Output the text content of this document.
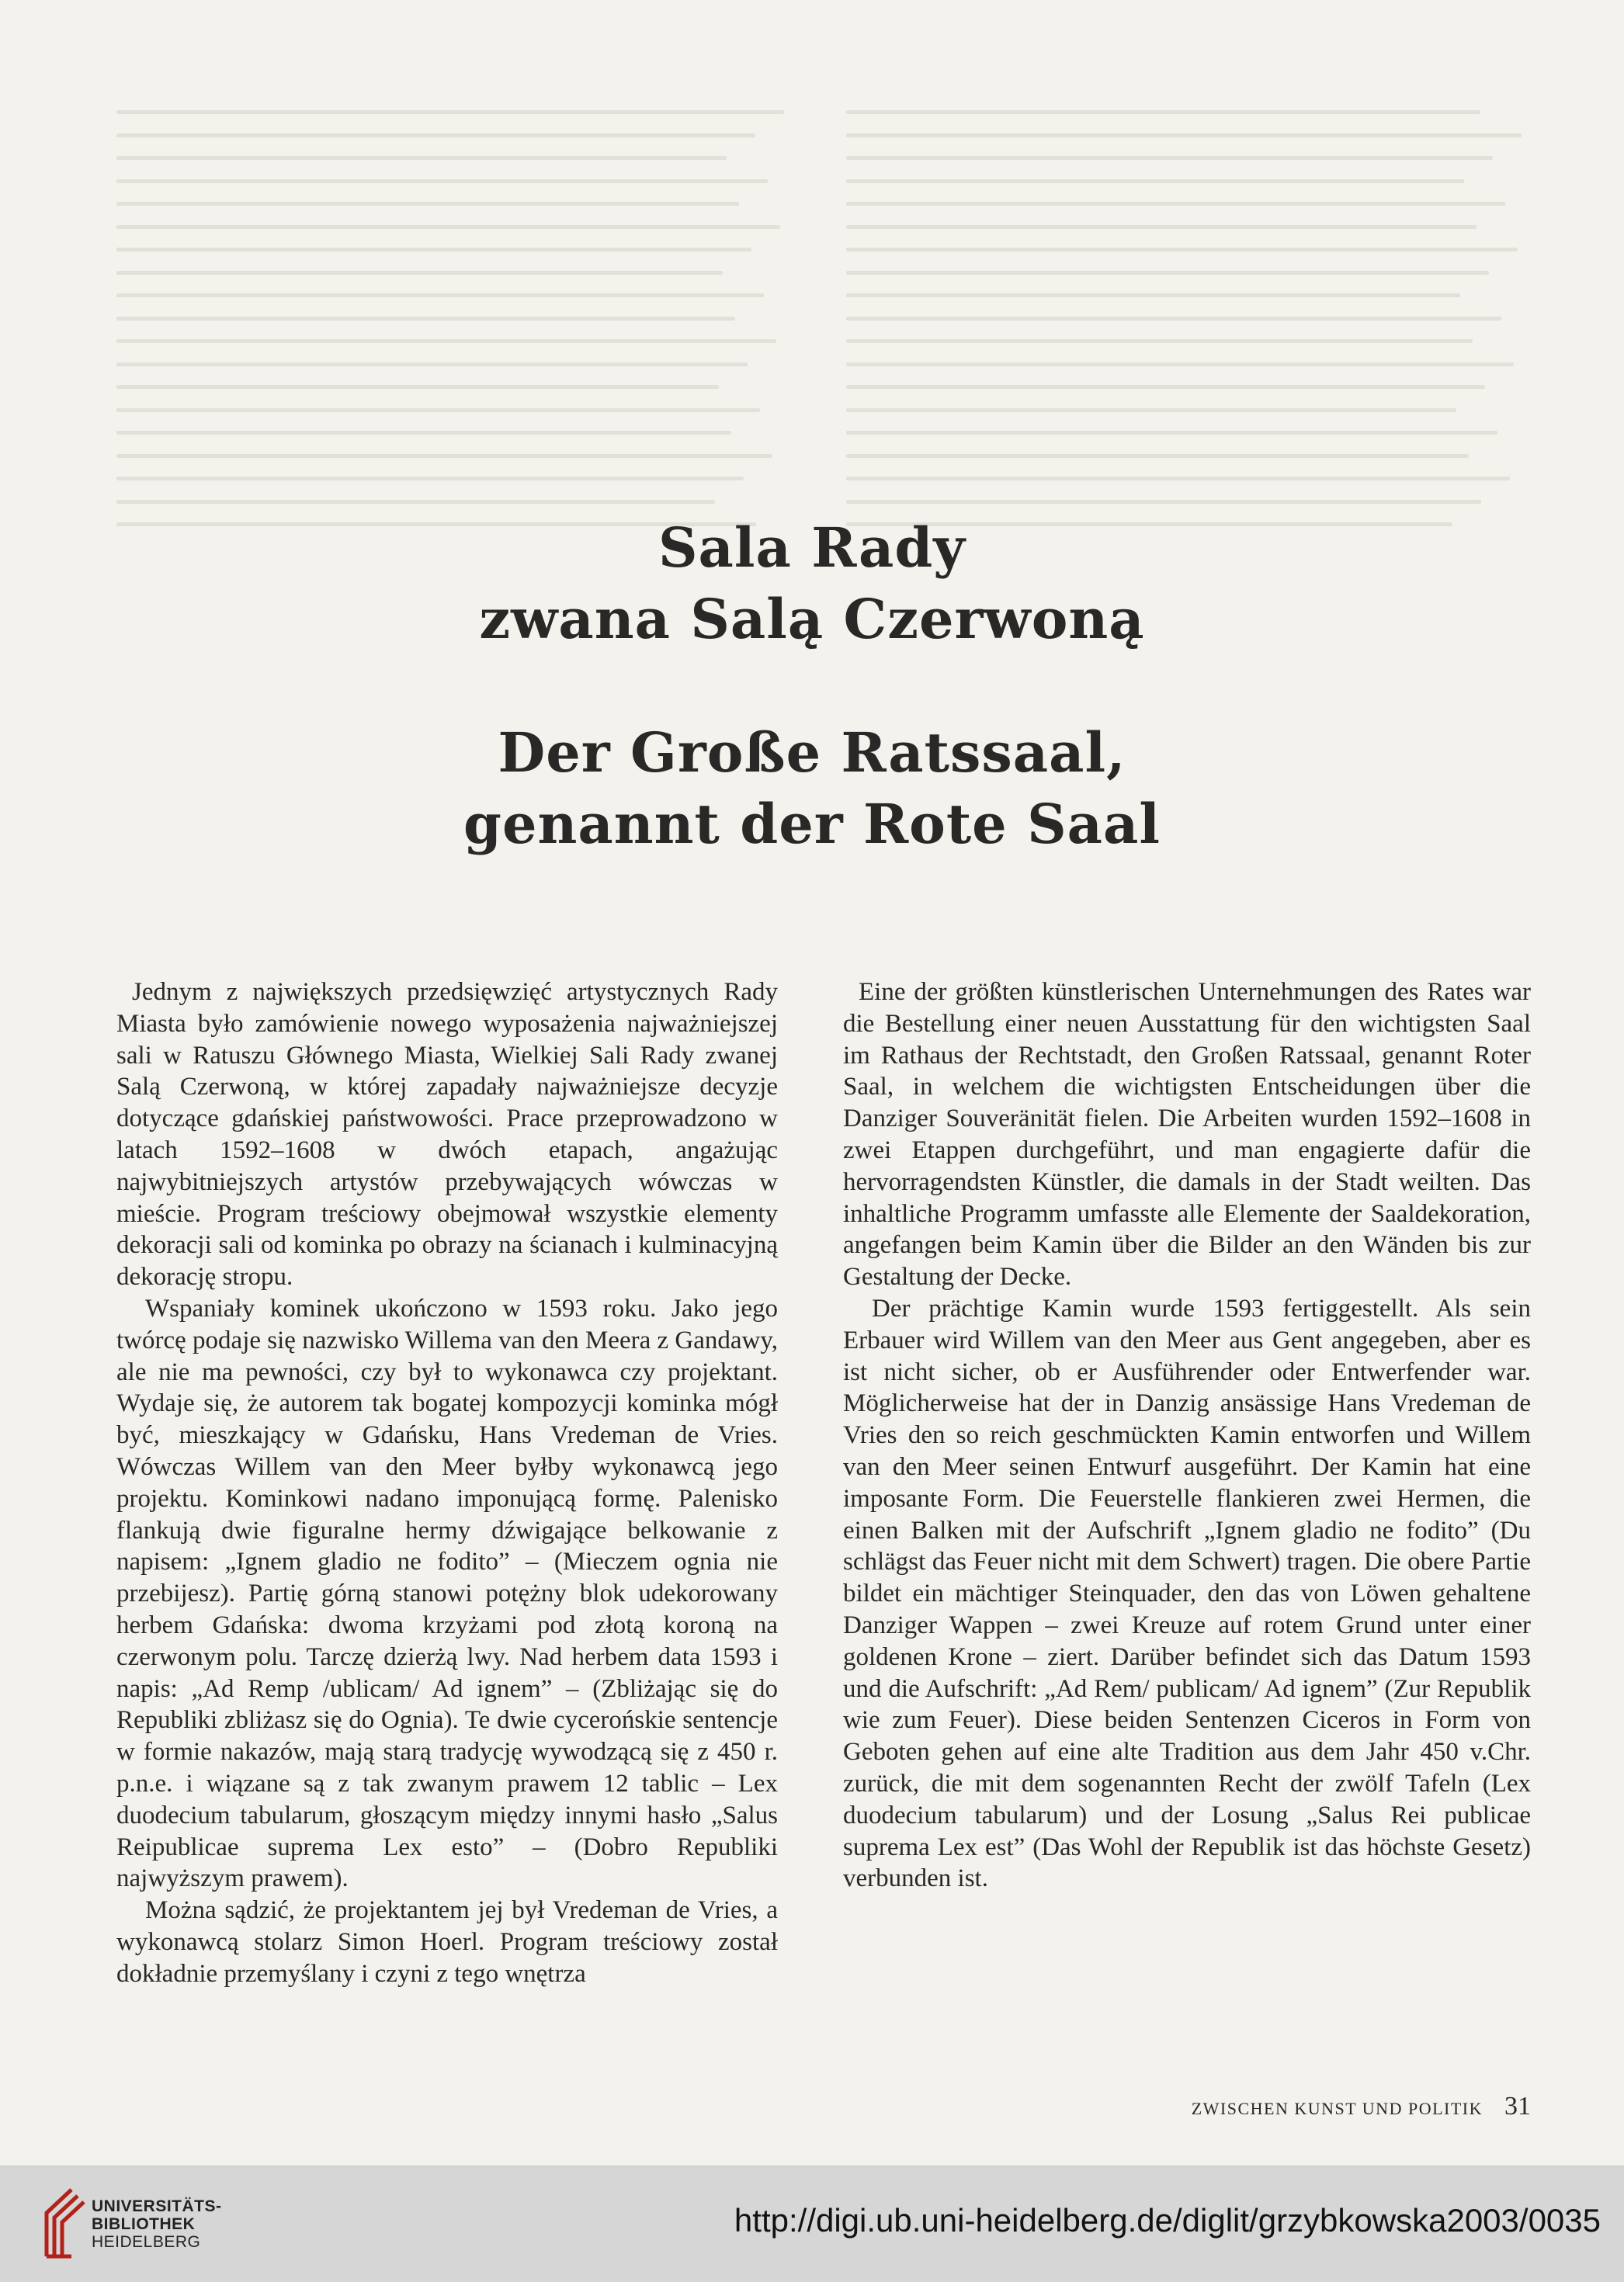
Sala Rady
zwana Salą Czerwoną
Der Große Ratssaal,
genannt der Rote Saal

Jednym z największych przedsięwzięć artystycznych Rady Miasta było zamówienie nowego wyposażenia najważniejszej sali w Ratuszu Głównego Miasta, Wielkiej Sali Rady zwanej Salą Czerwoną, w której zapadały najważniejsze decyzje dotyczące gdańskiej państwowości. Prace przeprowadzono w latach 1592–1608 w dwóch etapach, angażując najwybitniejszych artystów przebywających wówczas w mieście. Program treściowy obejmował wszystkie elementy dekoracji sali od kominka po obrazy na ścianach i kulminacyjną dekorację stropu.

Wspaniały kominek ukończono w 1593 roku. Jako jego twórcę podaje się nazwisko Willema van den Meera z Gandawy, ale nie ma pewności, czy był to wykonawca czy projektant. Wydaje się, że autorem tak bogatej kompozycji kominka mógł być, mieszkający w Gdańsku, Hans Vredeman de Vries. Wówczas Willem van den Meer byłby wykonawcą jego projektu. Kominkowi nadano imponującą formę. Palenisko flankują dwie figuralne hermy dźwigające belkowanie z napisem: „Ignem gladio ne fodito” – (Mieczem ognia nie przebijesz). Partię górną stanowi potężny blok udekorowany herbem Gdańska: dwoma krzyżami pod złotą koroną na czerwonym polu. Tarczę dzierżą lwy. Nad herbem data 1593 i napis: „Ad Remp /ublicam/ Ad ignem” – (Zbliżając się do Republiki zbliżasz się do Ognia). Te dwie cycerońskie sentencje w formie nakazów, mają starą tradycję wywodzącą się z 450 r. p.n.e. i wiązane są z tak zwanym prawem 12 tablic – Lex duodecium tabularum, głoszącym między innymi hasło „Salus Reipublicae suprema Lex esto” – (Dobro Republiki najwyższym prawem).

Można sądzić, że projektantem jej był Vredeman de Vries, a wykonawcą stolarz Simon Hoerl. Program treściowy został dokładnie przemyślany i czyni z tego wnętrza

Eine der größten künstlerischen Unternehmungen des Rates war die Bestellung einer neuen Ausstattung für den wichtigsten Saal im Rathaus der Rechtstadt, den Großen Ratssaal, genannt Roter Saal, in welchem die wichtigsten Entscheidungen über die Danziger Souveränität fielen. Die Arbeiten wurden 1592–1608 in zwei Etappen durchgeführt, und man engagierte dafür die hervorragendsten Künstler, die damals in der Stadt weilten. Das inhaltliche Programm umfasste alle Elemente der Saaldekoration, angefangen beim Kamin über die Bilder an den Wänden bis zur Gestaltung der Decke.

Der prächtige Kamin wurde 1593 fertiggestellt. Als sein Erbauer wird Willem van den Meer aus Gent angegeben, aber es ist nicht sicher, ob er Ausführender oder Entwerfender war. Möglicherweise hat der in Danzig ansässige Hans Vredeman de Vries den so reich geschmückten Kamin entworfen und Willem van den Meer seinen Entwurf ausgeführt. Der Kamin hat eine imposante Form. Die Feuerstelle flankieren zwei Hermen, die einen Balken mit der Aufschrift „Ignem gladio ne fodito” (Du schlägst das Feuer nicht mit dem Schwert) tragen. Die obere Partie bildet ein mächtiger Steinquader, den das von Löwen gehaltene Danziger Wappen – zwei Kreuze auf rotem Grund unter einer goldenen Krone – ziert. Darüber befindet sich das Datum 1593 und die Aufschrift: „Ad Rem/ publicam/ Ad ignem” (Zur Republik wie zum Feuer). Diese beiden Sentenzen Ciceros in Form von Geboten gehen auf eine alte Tradition aus dem Jahr 450 v.Chr. zurück, die mit dem sogenannten Recht der zwölf Tafeln (Lex duodecium tabularum) und der Losung „Salus Rei publicae suprema Lex est” (Das Wohl der Republik ist das höchste Gesetz) verbunden ist.

ZWISCHEN KUNST UND POLITIK 31
UNIVERSITÄTS-
BIBLIOTHEK
HEIDELBERG
http://digi.ub.uni-heidelberg.de/diglit/grzybkowska2003/0035
